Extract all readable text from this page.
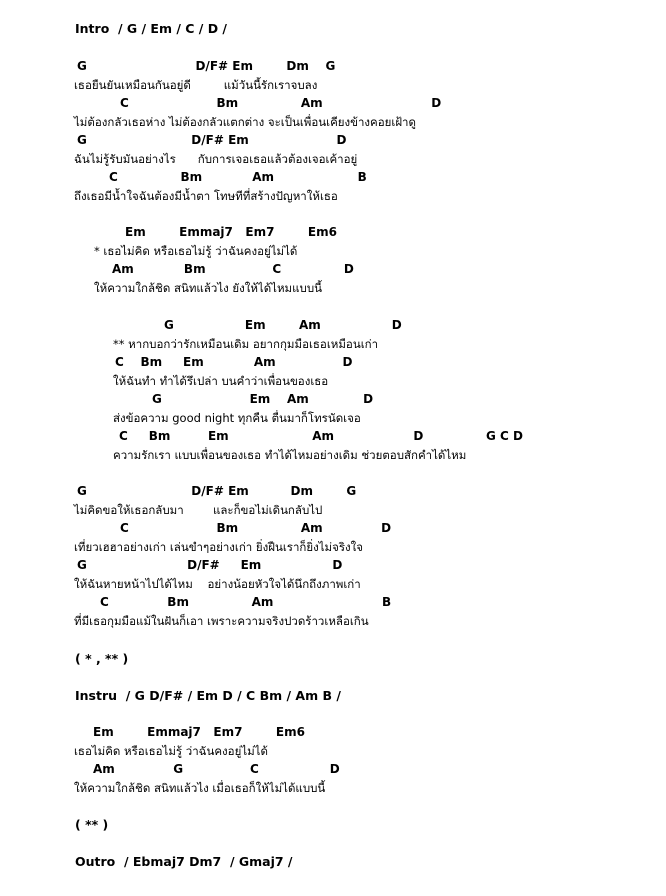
Intro  / G / Em / C / D /
G                          D/F# Em        Dm    G
เธอยืนยันเหมือนกันอยู่ดี         แม้วันนี้รักเราจบลง
C                     Bm               Am                          D
ไม่ต้องกลัวเธอห่าง ไม่ต้องกลัวแตกต่าง จะเป็นเพื่อนเคียงข้างคอยเฝ้าดู
G                         D/F# Em                     D
ฉันไม่รู้รับมันอย่างไร      กับการเจอเธอแล้วต้องเจอเค้าอยู่
C               Bm            Am                    B
ถึงเธอมีน้ำใจฉันต้องมีน้ำตา โทษทีที่สร้างปัญหาให้เธอ
Em        Emmaj7   Em7        Em6
* เธอไม่คิด หรือเธอไม่รู้ ว่าฉันคงอยู่ไม่ได้
Am            Bm                C               D
ให้ความใกล้ชิด สนิทแล้วไง ยังให้ได้ไหมแบบนี้
G                 Em        Am                 D
** หากบอกว่ารักเหมือนเดิม อยากกุมมือเธอเหมือนเก่า
C    Bm     Em            Am                D
ให้ฉันทำ ทำได้รึเปล่า บนคำว่าเพื่อนของเธอ
G                     Em    Am             D
ส่งข้อความ good night ทุกคืน ตื่นมาก็โทรนัดเจอ
C     Bm         Em                    Am                   D               G C D
ความรักเรา แบบเพื่อนของเธอ ทำได้ไหมอย่างเดิม ช่วยตอบสักคำได้ไหม
G                         D/F# Em          Dm        G
ไม่คิดขอให้เธอกลับมา        และก็ขอไม่เดินกลับไป
C                     Bm               Am              D
เที่ยวเฮฮาอย่างเก่า เล่นขำๆอย่างเก่า ยิ่งฝืนเราก็ยิ่งไม่จริงใจ
G                        D/F#     Em                 D
ให้ฉันหายหน้าไปได้ไหม    อย่างน้อยหัวใจได้นึกถึงภาพเก่า
C              Bm               Am                          B
ที่มีเธอกุมมือแม้ในฝันก็เอา เพราะความจริงปวดร้าวเหลือเกิน
( * , ** )
Instru  / G D/F# / Em D / C Bm / Am B /
Em        Emmaj7   Em7        Em6
เธอไม่คิด หรือเธอไม่รู้ ว่าฉันคงอยู่ไม่ได้
Am              G                C                 D
ให้ความใกล้ชิด สนิทแล้วไง เมื่อเธอก็ให้ไม่ได้แบบนี้
( ** )
Outro  / Ebmaj7 Dm7  / Gmaj7 /
